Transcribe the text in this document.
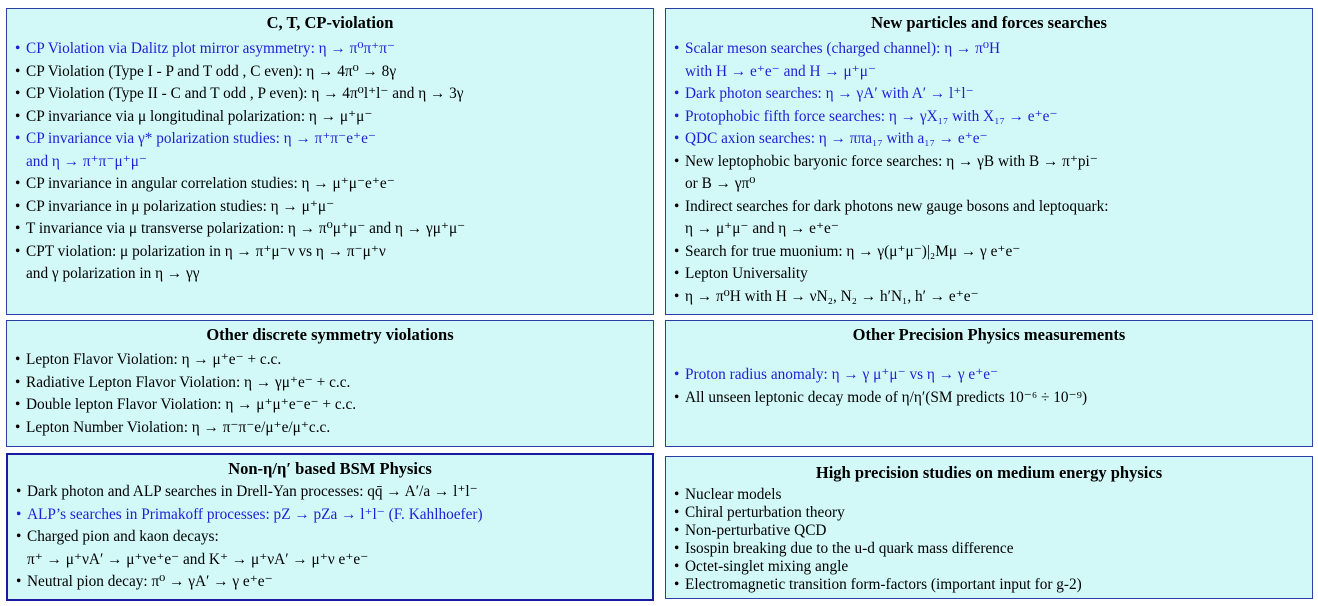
C, T, CP-violation
• CP Violation via Dalitz plot mirror asymmetry: η → π⁰π⁺π⁻
• CP Violation (Type I - P and T odd , C even): η → 4π⁰ → 8γ
• CP Violation (Type II - C and T odd , P even): η → 4π⁰l⁺l⁻ and η → 3γ
• CP invariance via μ longitudinal polarization: η → μ⁺μ⁻
• CP invariance via γ* polarization studies: η → π⁺π⁻e⁺e⁻
and η → π⁺π⁻μ⁺μ⁻
• CP invariance in angular correlation studies: η → μ⁺μ⁻e⁺e⁻
• CP invariance in μ polarization studies: η → μ⁺μ⁻
• T invariance via μ transverse polarization: η → π⁰μ⁺μ⁻ and η → γμ⁺μ⁻
• CPT violation: μ polarization in η → π⁺μ⁻ν vs η → π⁻μ⁺ν
and γ polarization in η → γγ
New particles and forces searches
• Scalar meson searches (charged channel): η → π⁰H
with H → e⁺e⁻ and H → μ⁺μ⁻
• Dark photon searches: η → γA′ with A′ → l⁺l⁻
• Protophobic fifth force searches: η → γX₁₇ with X₁₇ → e⁺e⁻
• QDC axion searches: η → ππa₁₇ with a₁₇ → e⁺e⁻
• New leptophobic baryonic force searches: η → γB with B → π⁺pi⁻
or B → γπ⁰
• Indirect searches for dark photons new gauge bosons and leptoquark:
η → μ⁺μ⁻ and η → e⁺e⁻
• Search for true muonium: η → γ(μ⁺μ⁻)|₂Mμ → γ e⁺e⁻
• Lepton Universality
• η → π⁰H with H → νN₂, N₂ → h′N₁, h′ → e⁺e⁻
Other discrete symmetry violations
• Lepton Flavor Violation: η → μ⁺e⁻ + c.c.
• Radiative Lepton Flavor Violation: η → γμ⁺e⁻ + c.c.
• Double lepton Flavor Violation: η → μ⁺μ⁺e⁻e⁻ + c.c.
• Lepton Number Violation: η → π⁻π⁻e/μ⁺e/μ⁺c.c.
Other Precision Physics measurements
• Proton radius anomaly: η → γ μ⁺μ⁻ vs η → γ e⁺e⁻
• All unseen leptonic decay mode of η/η′(SM predicts 10⁻⁶ ÷ 10⁻⁹)
Non-η/η′ based BSM Physics
• Dark photon and ALP searches in Drell-Yan processes: qq̄ → A′/a → l⁺l⁻
• ALP’s searches in Primakoff processes: pZ → pZa → l⁺l⁻ (F. Kahlhoefer)
• Charged pion and kaon decays:
π⁺ → μ⁺νA′ → μ⁺νe⁺e⁻ and K⁺ → μ⁺νA′ → μ⁺ν e⁺e⁻
• Neutral pion decay: π⁰ → γA′ → γ e⁺e⁻
High precision studies on medium energy physics
• Nuclear models
• Chiral perturbation theory
• Non-perturbative QCD
• Isospin breaking due to the u-d quark mass difference
• Octet-singlet mixing angle
• Electromagnetic transition form-factors (important input for g-2)
